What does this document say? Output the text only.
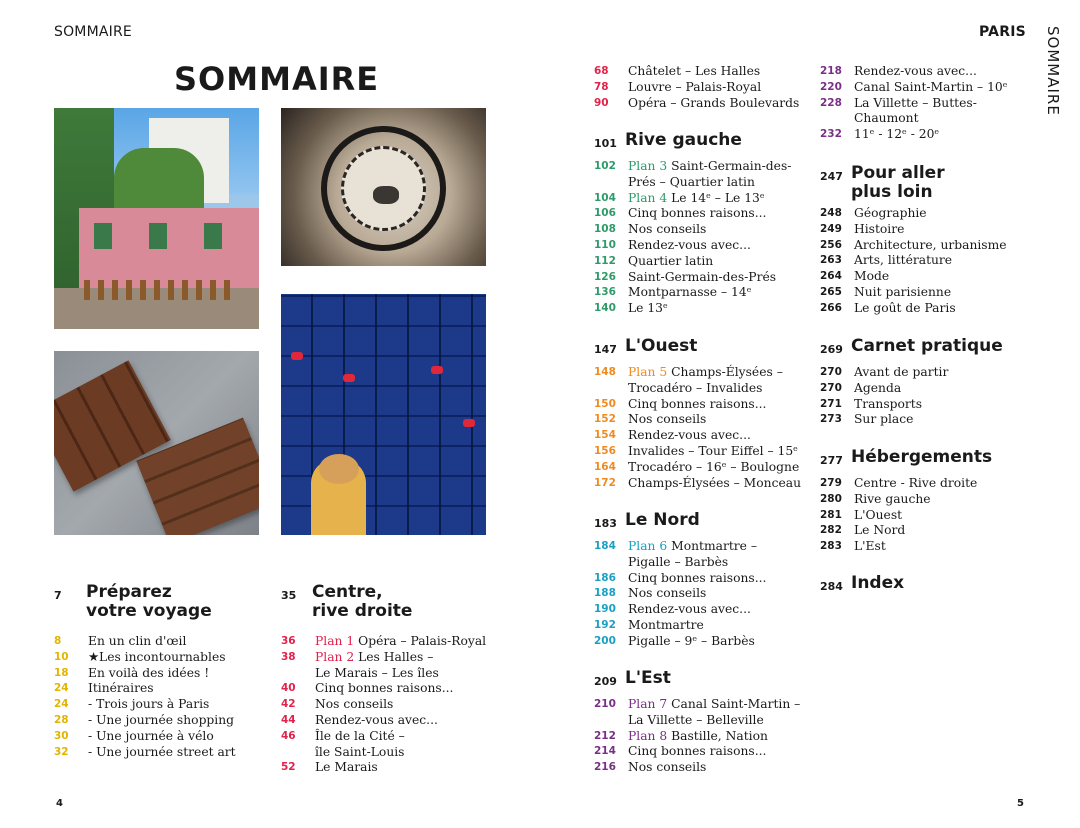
SOMMAIRE	PARIS SOMMAIRE
SOMMAIRE
7 Préparez
votre voyage
8	En un clin d'œil
10	★Les incontournables
18	En voilà des idées !
24	Itinéraires
24	- Trois jours à Paris
28	- Une journée shopping
30	- Une journée à vélo
32	- Une journée street art
35 Centre,
rive droite
36	Plan 1 Opéra – Palais-Royal
38	Plan 2 Les Halles –
Le Marais – Les îles
40	Cinq bonnes raisons...
42	Nos conseils
44	Rendez-vous avec...
46	Île de la Cité –
île Saint-Louis
52	Le Marais
68	Châtelet – Les Halles
78	Louvre – Palais-Royal
90	Opéra – Grands Boulevards
101 Rive gauche
102 Plan 3 Saint-Germain-des-
Prés – Quartier latin
104 Plan 4 Le 14ᵉ – Le 13ᵉ
106 Cinq bonnes raisons...
108 Nos conseils
110 Rendez-vous avec...
112 Quartier latin
126 Saint-Germain-des-Prés
136 Montparnasse – 14ᵉ
140 Le 13ᵉ
147 L'Ouest
148 Plan 5 Champs-Élysées –
Trocadéro – Invalides
150 Cinq bonnes raisons...
152 Nos conseils
154 Rendez-vous avec...
156 Invalides – Tour Eiffel – 15ᵉ
164 Trocadéro – 16ᵉ – Boulogne
172 Champs-Élysées – Monceau
183 Le Nord
184 Plan 6 Montmartre –
Pigalle – Barbès
186 Cinq bonnes raisons...
188 Nos conseils
190 Rendez-vous avec...
192 Montmartre
200 Pigalle – 9ᵉ – Barbès
209 L'Est
210 Plan 7 Canal Saint-Martin –
La Villette – Belleville
212 Plan 8 Bastille, Nation
214 Cinq bonnes raisons...
216 Nos conseils
218 Rendez-vous avec...
220 Canal Saint-Martin – 10ᵉ
228 La Villette – Buttes-
Chaumont
232 11ᵉ - 12ᵉ - 20ᵉ
247 Pour aller
plus loin
248 Géographie
249 Histoire
256 Architecture, urbanisme
263 Arts, littérature
264 Mode
265 Nuit parisienne
266 Le goût de Paris
269 Carnet pratique
270 Avant de partir
270 Agenda
271 Transports
273 Sur place
277 Hébergements
279 Centre - Rive droite
280 Rive gauche
281 L'Ouest
282 Le Nord
283 L'Est
284 Index
4	5
